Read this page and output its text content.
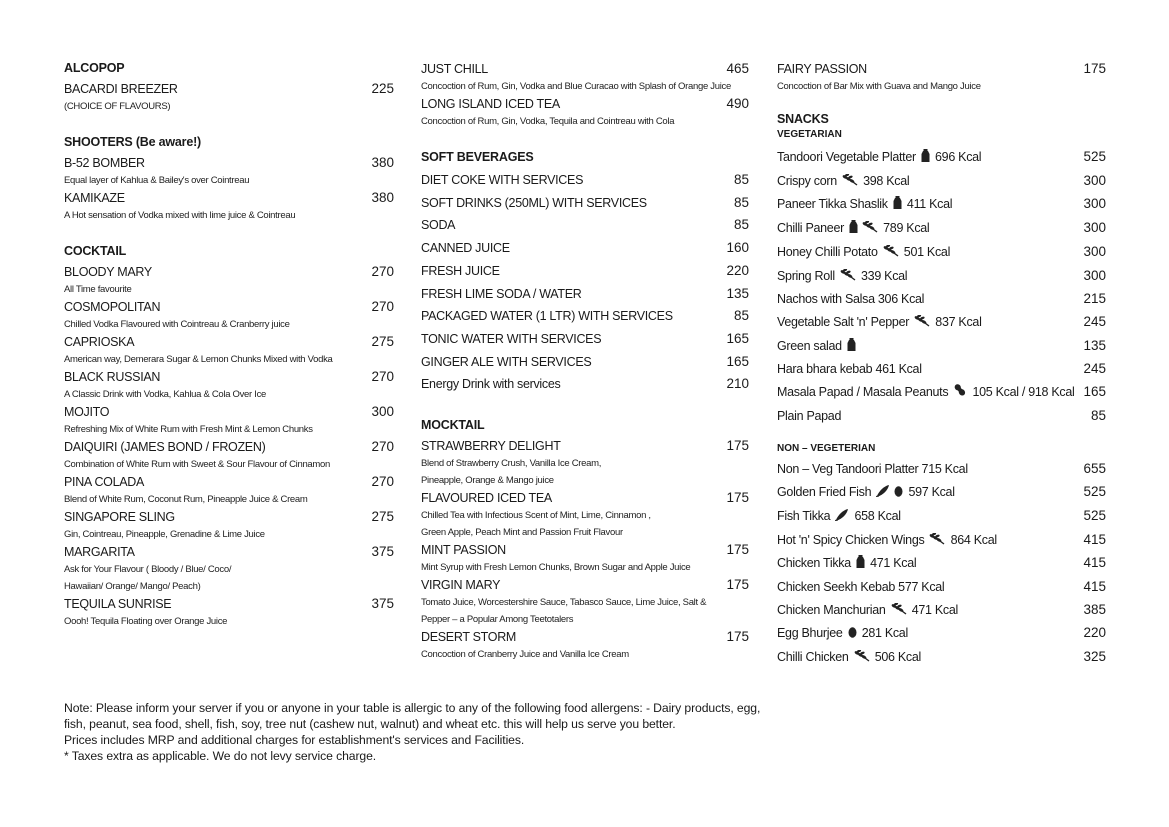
ALCOPOP
BACARDI BREEZER	225
(CHOICE OF FLAVOURS)
SHOOTERS (Be aware!)
B-52 BOMBER	380
Equal layer of Kahlua & Bailey's over Cointreau
KAMIKAZE	380
A Hot sensation of Vodka mixed with lime juice & Cointreau
COCKTAIL
BLOODY MARY	270
All Time favourite
COSMOPOLITAN	270
Chilled Vodka Flavoured with Cointreau & Cranberry juice
CAPRIOSKA	275
American way, Demerara Sugar & Lemon Chunks Mixed with Vodka
BLACK RUSSIAN	270
A Classic Drink with Vodka, Kahlua & Cola Over Ice
MOJITO	300
Refreshing Mix of White Rum with Fresh Mint & Lemon Chunks
DAIQUIRI (JAMES BOND / FROZEN)	270
Combination of White Rum with Sweet & Sour Flavour of Cinnamon
PINA COLADA	270
Blend of White Rum, Coconut Rum, Pineapple Juice & Cream
SINGAPORE SLING	275
Gin, Cointreau, Pineapple, Grenadine & Lime Juice
MARGARITA	375
Ask for Your Flavour ( Bloody / Blue/ Coco/
Hawaiian/ Orange/ Mango/ Peach)
TEQUILA SUNRISE	375
Oooh! Tequila Floating over Orange Juice
JUST CHILL	465
Concoction of Rum, Gin, Vodka and Blue Curacao with Splash of Orange Juice
LONG ISLAND ICED TEA	490
Concoction of Rum, Gin, Vodka, Tequila and Cointreau with Cola
SOFT BEVERAGES
DIET COKE WITH SERVICES	85
SOFT DRINKS (250ML) WITH SERVICES	85
SODA	85
CANNED JUICE	160
FRESH JUICE	220
FRESH LIME SODA / WATER	135
PACKAGED WATER (1 LTR) WITH SERVICES	85
TONIC WATER WITH SERVICES	165
GINGER ALE WITH SERVICES	165
Energy Drink with services	210
MOCKTAIL
STRAWBERRY DELIGHT	175
Blend of Strawberry Crush, Vanilla Ice Cream,
Pineapple, Orange & Mango juice
FLAVOURED ICED TEA	175
Chilled Tea with Infectious Scent of Mint, Lime, Cinnamon ,
Green Apple, Peach Mint and Passion Fruit Flavour
MINT PASSION	175
Mint Syrup with Fresh Lemon Chunks, Brown Sugar and Apple Juice
VIRGIN MARY	175
Tomato Juice, Worcestershire Sauce, Tabasco Sauce, Lime Juice, Salt &
Pepper – a Popular Among Teetotalers
DESERT STORM	175
Concoction of Cranberry Juice and Vanilla Ice Cream
FAIRY PASSION	175
Concoction of Bar Mix with Guava and Mango Juice
SNACKS
VEGETARIAN
Tandoori Vegetable Platter 696 Kcal	525
Crispy corn 398 Kcal	300
Paneer Tikka Shaslik 411 Kcal	300
Chilli Paneer	789 Kcal	300
Honey Chilli Potato 501 Kcal	300
Spring Roll 339 Kcal	300
Nachos with Salsa 306 Kcal	215
Vegetable Salt 'n' Pepper 837 Kcal	245
Green salad	135
Hara bhara kebab 461 Kcal	245
Masala Papad / Masala Peanuts 105 Kcal / 918 Kcal 165
Plain Papad	85
NON – VEGETERIAN
Non – Veg Tandoori Platter 715 Kcal	655
Golden Fried Fish	597 Kcal	525
Fish Tikka 658 Kcal	525
Hot 'n' Spicy Chicken Wings 864 Kcal	415
Chicken Tikka 471 Kcal	415
Chicken Seekh Kebab 577 Kcal	415
Chicken Manchurian 471 Kcal	385
Egg Bhurjee 281 Kcal	220
Chilli Chicken 506 Kcal	325
Note: Please inform your server if you or anyone in your table is allergic to any of the following food allergens: - Dairy products, egg,
fish, peanut, sea food, shell, fish, soy, tree nut (cashew nut, walnut) and wheat etc. this will help us serve you better.
Prices includes MRP and additional charges for establishment's services and Facilities.
* Taxes extra as applicable. We do not levy service charge.
